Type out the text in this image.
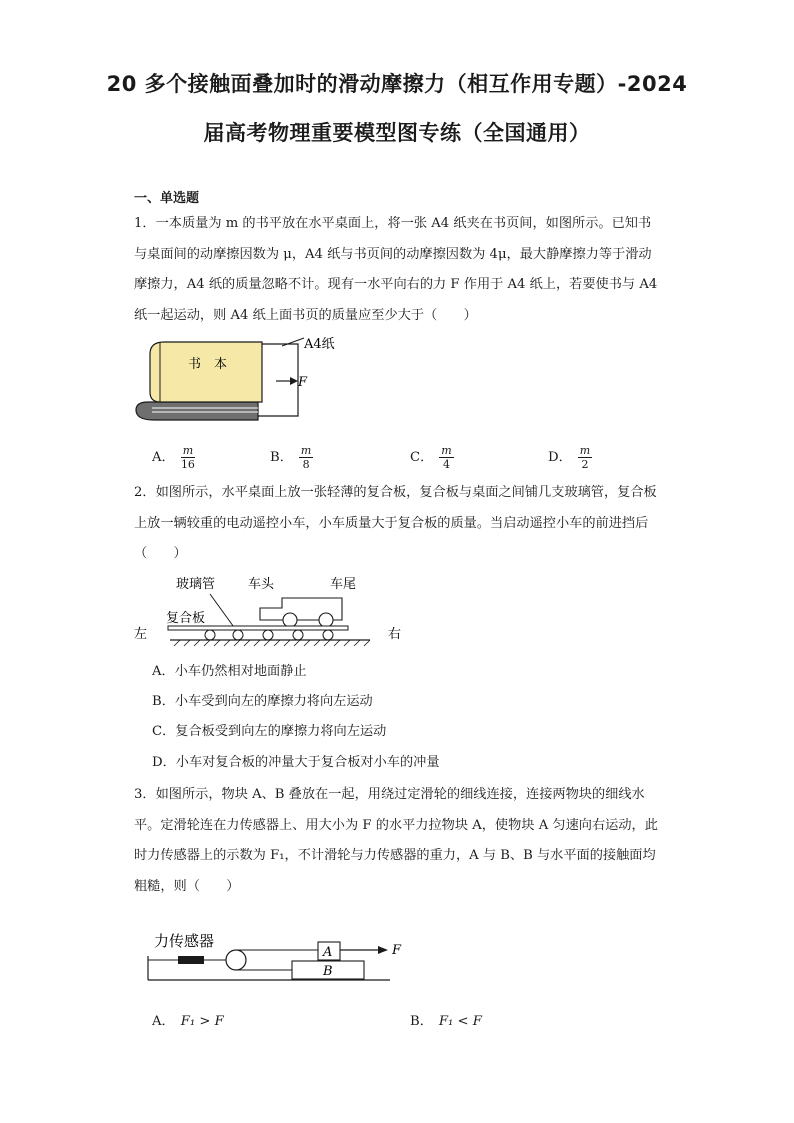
20 多个接触面叠加时的滑动摩擦力（相互作用专题）-2024
届高考物理重要模型图专练（全国通用）
一、单选题
1．一本质量为 m 的书平放在水平桌面上，将一张 A4 纸夹在书页间，如图所示。已知书与桌面间的动摩擦因数为 μ，A4 纸与书页间的动摩擦因数为 4μ，最大静摩擦力等于滑动摩擦力，A4 纸的质量忽略不计。现有一水平向右的力 F 作用于 A4 纸上，若要使书与 A4 纸一起运动，则 A4 纸上面书页的质量应至少大于（　　）
书　本
A4纸
F
A． $\frac{m}{16}$	B． $\frac{m}{8}$	C． $\frac{m}{4}$	D． $\frac{m}{2}$
2．如图所示，水平桌面上放一张轻薄的复合板，复合板与桌面之间铺几支玻璃管，复合板上放一辆较重的电动遥控小车，小车质量大于复合板的质量。当启动遥控小车的前进挡后（　　）
玻璃管	车头	车尾
复合板
左	右
A．小车仍然相对地面静止
B．小车受到向左的摩擦力将向左运动
C．复合板受到向左的摩擦力将向左运动
D．小车对复合板的冲量大于复合板对小车的冲量
3．如图所示，物块 A、B 叠放在一起，用绕过定滑轮的细线连接，连接两物块的细线水平。定滑轮连在力传感器上、用大小为 F 的水平力拉物块 A，使物块 A 匀速向右运动，此时力传感器上的示数为 F₁，不计滑轮与力传感器的重力，A 与 B、B 与水平面的接触面均粗糙，则（　　）
力传感器
A
B
F
A． F₁ > F	B． F₁ < F
